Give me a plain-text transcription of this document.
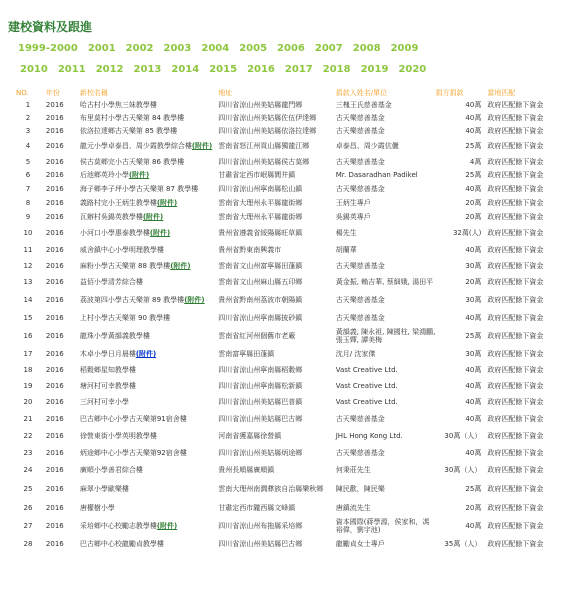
建校資料及跟進
1999-2000 2001 2002 2003 2004 2005 2006 2007 2008 2009
2010 2011 2012 2013 2014 2015 2016 2017 2018 2019 2020
NO.	年份	新校名稱	地址	捐款人姓名/單位	捐方捐款	當地匹配
1	2016	哈古村小學焦三妹教學樓	四川省涼山州美姑縣龍門鄉	三槐王氏慈善基金	40萬	政府匹配餘下資金
2	2016	布里莫村小學古天樂第 84 教學樓	四川省涼山州美姑縣佐伍伊達鄉	古天樂慈善基金	40萬	政府匹配餘下資金
3	2016	依洛拉達鄉古天樂第 85 教學樓	四川省涼山州美姑縣依洛拉達鄉	古天樂慈善基金	40萬	政府匹配餘下資金
4	2016	龍元小學卓泰昌、周少霞教學綜合樓(附件)	雲南省怒江州貢山縣獨龍江鄉	卓泰昌、周少霞伉儷	25萬	政府匹配餘下資金
5	2016	侯古莫鄉完小古天樂第 86 教學樓	四川省涼山州美姑縣侯古莫鄉	古天樂慈善基金	4萬	政府匹配餘下資金
6	2016	后池鄉英玲小學(附件)	甘肅省定西市岷縣閭井鎮	Mr. Dasaradhan Padikel	25萬	政府匹配餘下資金
7	2016	海子鄉李子坪小學古天樂第 87 教學樓	四川省涼山州寧南縣松山鎮	古天樂慈善基金	40萬	政府匹配餘下資金
8	2016	義路村完小王炳生教學樓(附件)	雲南省大理州永平縣龍街鄉	王炳生專戶	20萬	政府匹配餘下資金
9	2016	瓦辦村吳錫英教學樓(附件)	雲南省大理州永平縣龍街鄉	吳錫英專戶	20萬	政府匹配餘下資金
10	2016	小河口小學惠泰教學樓(附件)	貴州省遵義省綏陽縣旺草鎮	楊先生	32萬(人)	政府匹配餘下資金
11	2016	威舍鎮中心小學明理教學樓	貴州省黔東南興義市	胡蘭華	40萬	政府匹配餘下資金
12	2016	麻粉小學古天樂第 88 教學樓(附件)	雲南省文山州富寧縣田蓬鎮	古天樂慈善基金	30萬	政府匹配餘下資金
13	2016	益佰小學清芳綜合樓	雲南省文山州麻山縣五印鄉	黃金振, 賴吉華, 蔡細娥, 湯田平	20萬	政府匹配餘下資金
14	2016	荔波第四小學古天樂第 89 教學樓(附件)	貴州省黔南州荔波市朝陽鎮	古天樂慈善基金	30萬	政府匹配餘下資金
15	2016	上村小學古天樂第 90 教學樓	四川省涼山州寧南縣披砂鎮	古天樂慈善基金	40萬	政府匹配餘下資金
16	2016	龍珠小學黃韻義教學樓	雲南省紅河州個舊市老廠	黃韻義, 陳永祖, 陳國柱, 梁鴻鵬, 張玉嬋, 譚美梅	25萬	政府匹配餘下資金
17	2016	木卓小學日月晨樓(附件)	雲南富寧縣田蓬鎮	沈月/ 沈家傑	30萬	政府匹配餘下資金
18	2016	稻穀鄉星知教學樓	四川省涼山州寧南縣稻穀鄉	Vast Creative Ltd.	40萬	政府匹配餘下資金
19	2016	塘河村可幸教學樓	四川省涼山州寧南縣松新鎮	Vast Creative Ltd.	40萬	政府匹配餘下資金
20	2016	三河村可幸小學	四川省涼山州美姑縣巴普鎮	Vast Creative Ltd.	40萬	政府匹配餘下資金
21	2016	巴古鄉中心小學古天樂第91宿舍樓	四川省涼山州美姑縣巴古鄉	古天樂慈善基金	40萬	政府匹配餘下資金
22	2016	徐營東街小學英明教學樓	河南省獲嘉縣徐營鎮	JHL Hong Kong Ltd.	30萬（人）	政府匹配餘下資金
23	2016	炳途鄉中心小學古天樂第92宿舍樓	四川省涼山州美姑縣炳途鄉	古天樂慈善基金	40萬	政府匹配餘下資金
24	2016	廣順小學善君綜合樓	貴州長順縣廣順鎮	何秉莊先生	30萬（人）	政府匹配餘下資金
25	2016	麻翠小學歐樂樓	雲南大理州南澗彝族自治縣樂秋鄉	陳民歡，陳民樂	25萬	政府匹配餘下資金
26	2016	唐權樹小學	甘肅定西市隴西縣文峰鎮	唐鎮流先生	20萬	政府匹配餘下資金
27	2016	采培鄉中心校勵志教學樓(附件)	四川省涼山州布拖縣采培鄉	資本國際(蔣學源，侯家和，馮裕偉，劉宇池)	40萬	政府匹配餘下資金
28	2016	巴古鄉中心校龍勵貞教學樓	四川省涼山州美姑縣巴古鄉	龍勵貞女士專戶	35萬（人）	政府匹配餘下資金
